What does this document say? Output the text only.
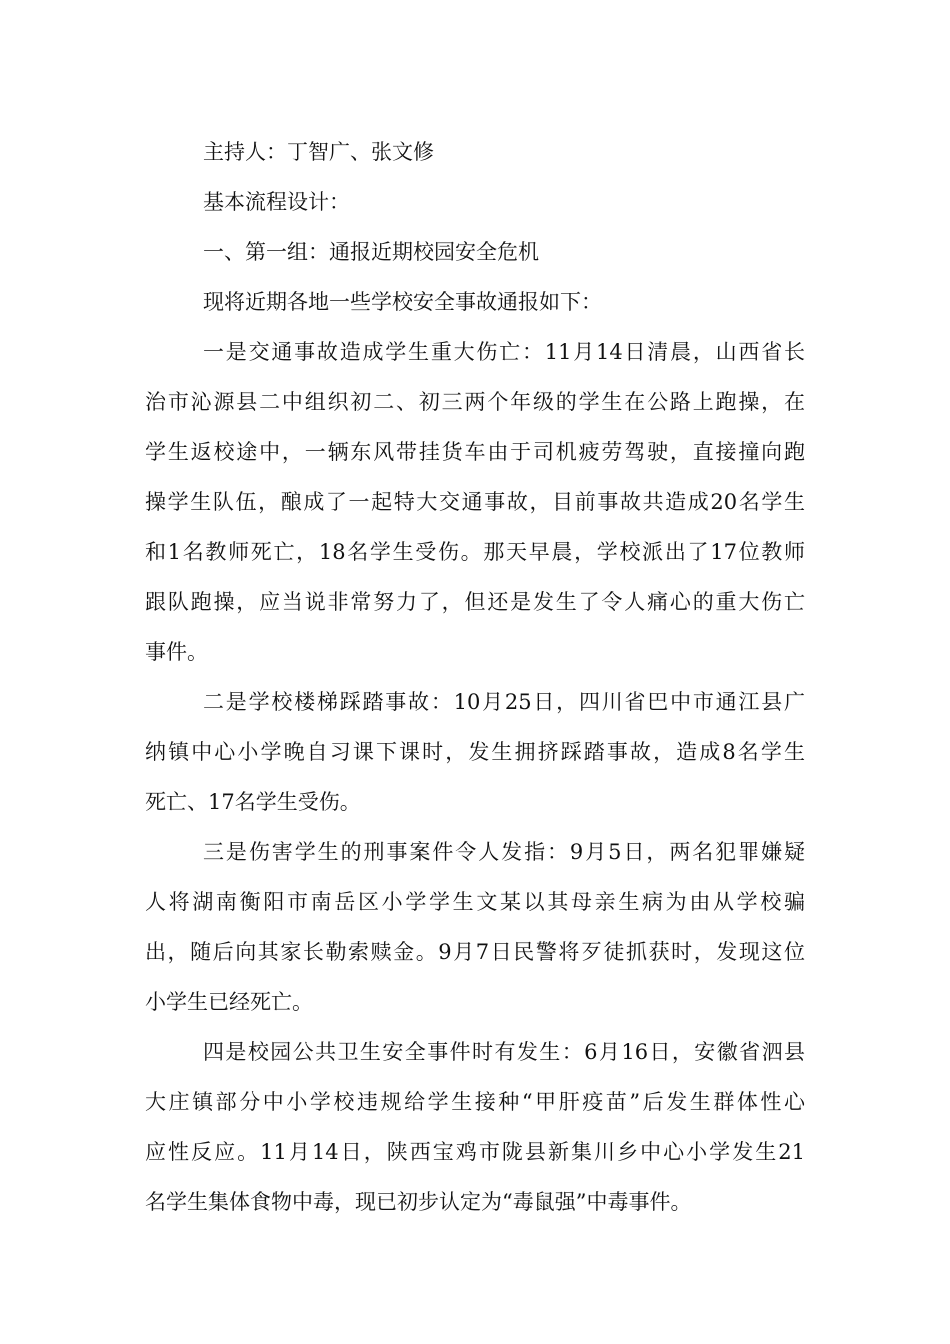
主持人：丁智广、张文修

基本流程设计：

一、第一组：通报近期校园安全危机

现将近期各地一些学校安全事故通报如下：

一是交通事故造成学生重大伤亡：11月14日清晨，山西省长

治市沁源县二中组织初二、初三两个年级的学生在公路上跑操，在

学生返校途中，一辆东风带挂货车由于司机疲劳驾驶，直接撞向跑

操学生队伍，酿成了一起特大交通事故，目前事故共造成20名学生

和1名教师死亡，18名学生受伤。那天早晨，学校派出了17位教师

跟队跑操，应当说非常努力了，但还是发生了令人痛心的重大伤亡

事件。

二是学校楼梯踩踏事故：10月25日，四川省巴中市通江县广

纳镇中心小学晚自习课下课时，发生拥挤踩踏事故，造成8名学生

死亡、17名学生受伤。

三是伤害学生的刑事案件令人发指：9月5日，两名犯罪嫌疑

人将湖南衡阳市南岳区小学学生文某以其母亲生病为由从学校骗

出，随后向其家长勒索赎金。9月7日民警将歹徒抓获时，发现这位

小学生已经死亡。

四是校园公共卫生安全事件时有发生：6月16日，安徽省泗县

大庄镇部分中小学校违规给学生接种“甲肝疫苗”后发生群体性心

应性反应。11月14日，陕西宝鸡市陇县新集川乡中心小学发生21

名学生集体食物中毒，现已初步认定为“毒鼠强”中毒事件。
